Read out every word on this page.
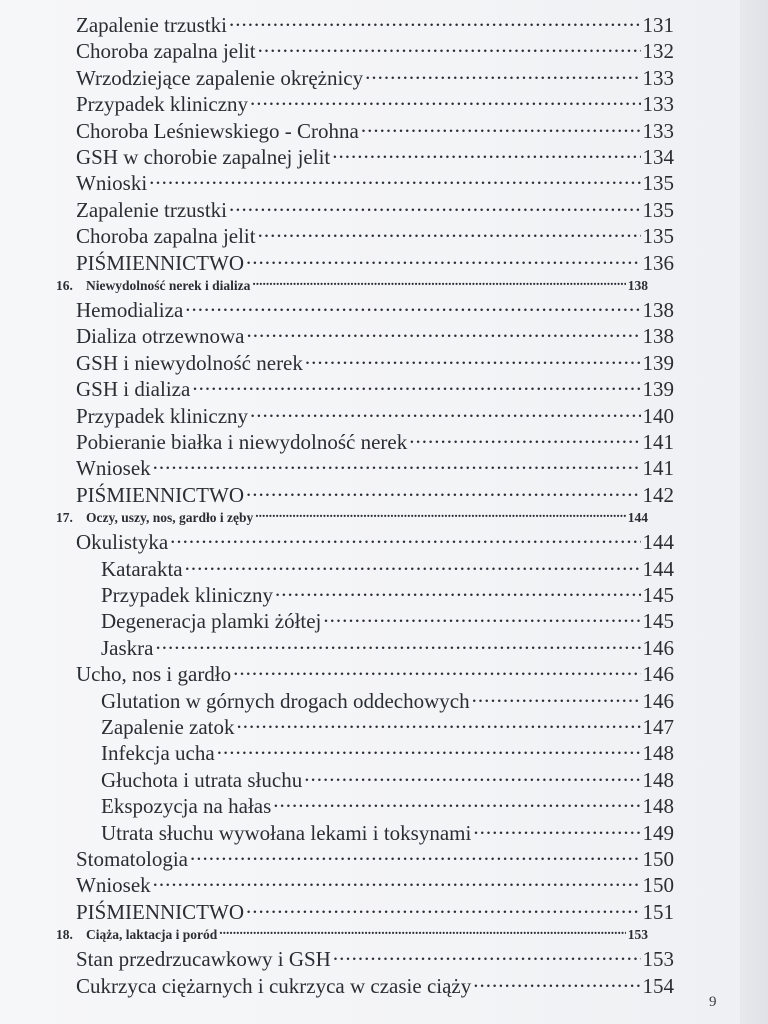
Zapalenie trzustki .....	131
Choroba zapalna jelit .....	132
Wrzodziejące zapalenie okrężnicy .....	133
Przypadek kliniczny .....	133
Choroba Leśniewskiego - Crohna .....	133
GSH w chorobie zapalnej jelit .....	134
Wnioski .....	135
Zapalenie trzustki .....	135
Choroba zapalna jelit .....	135
PIŚMIENNICTWO .....	136
16. Niewydolność nerek i dializa .....	138
Hemodializa .....	138
Dializa otrzewnowa .....	138
GSH i niewydolność nerek .....	139
GSH i dializa .....	139
Przypadek kliniczny .....	140
Pobieranie białka i niewydolność nerek .....	141
Wniosek .....	141
PIŚMIENNICTWO .....	142
17. Oczy, uszy, nos, gardło i zęby .....	144
Okulistyka .....	144
Katarakta .....	144
Przypadek kliniczny .....	145
Degeneracja plamki żółtej .....	145
Jaskra .....	146
Ucho, nos i gardło .....	146
Glutation w górnych drogach oddechowych .....	146
Zapalenie zatok .....	147
Infekcja ucha .....	148
Głuchota i utrata słuchu .....	148
Ekspozycja na hałas .....	148
Utrata słuchu wywołana lekami i toksynami .....	149
Stomatologia .....	150
Wniosek .....	150
PIŚMIENNICTWO .....	151
18. Ciąża, laktacja i poród .....	153
Stan przedrzucawkowy i GSH .....	153
Cukrzyca ciężarnych i cukrzyca w czasie ciąży .....	154
9
